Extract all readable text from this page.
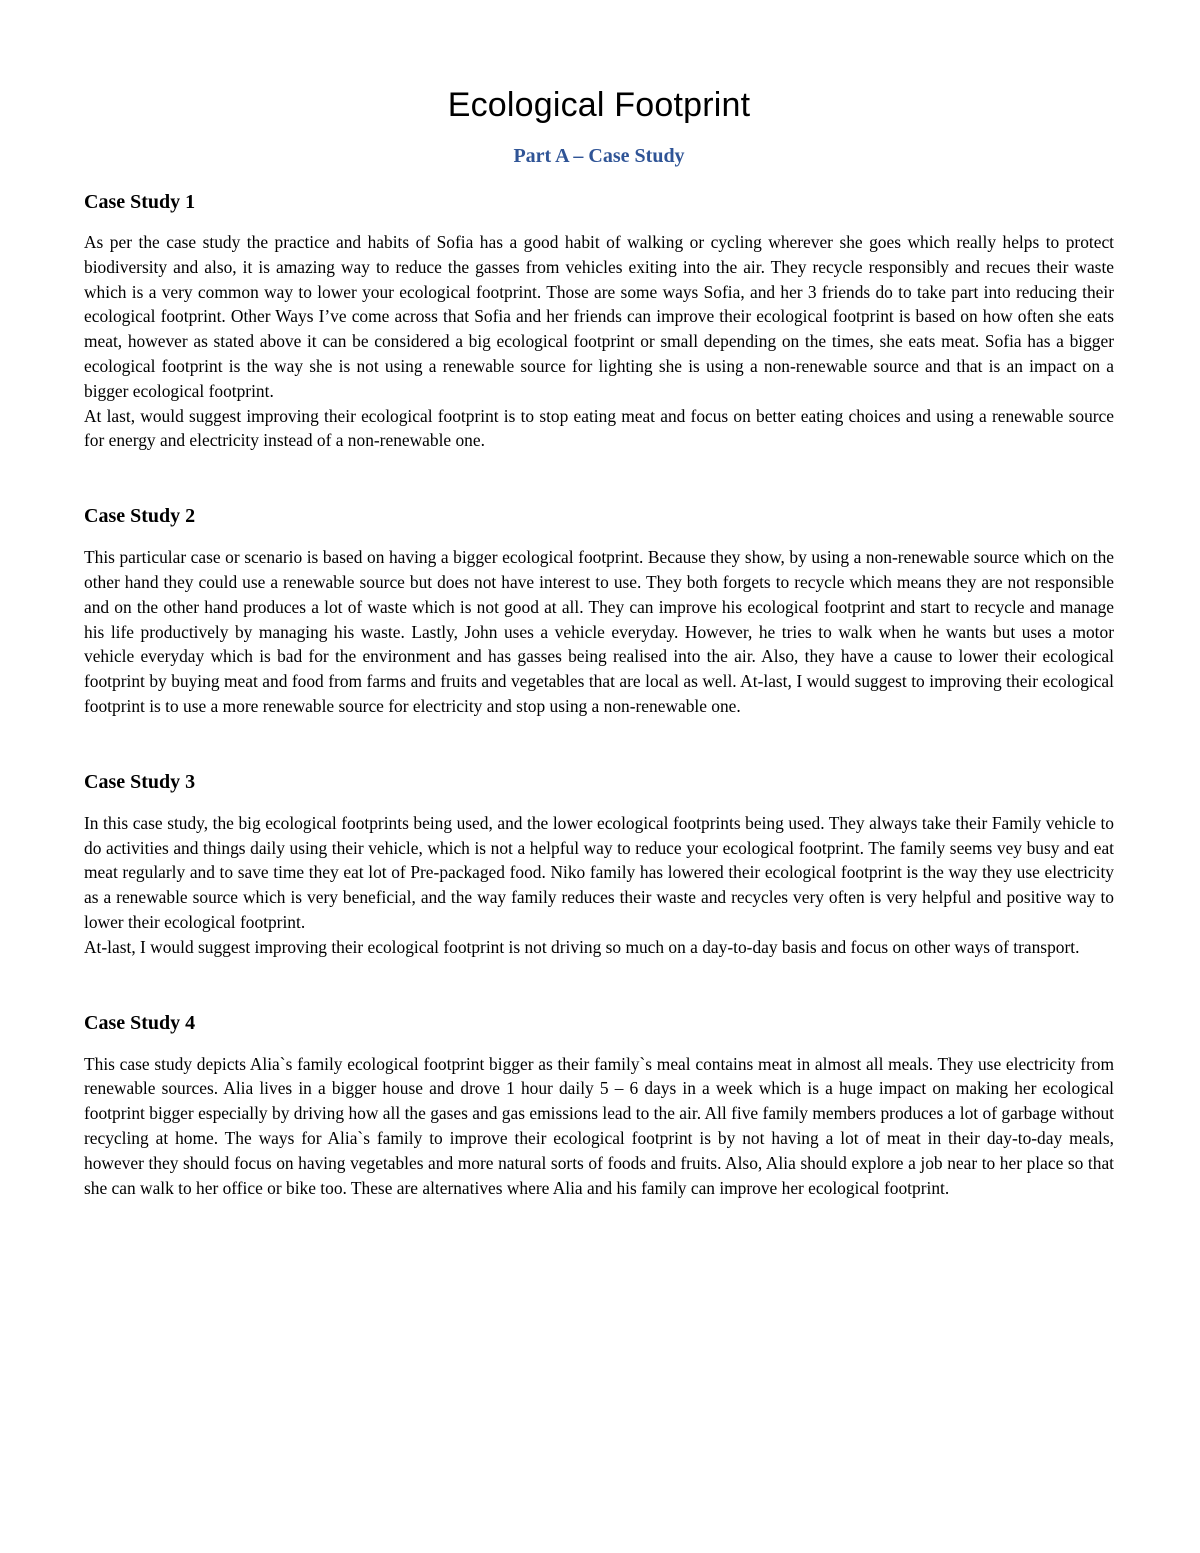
Ecological Footprint
Part A – Case Study
Case Study 1

As per the case study the practice and habits of Sofia has a good habit of walking or cycling wherever she goes which really helps to protect biodiversity and also, it is amazing way to reduce the gasses from vehicles exiting into the air. They recycle responsibly and recues their waste which is a very common way to lower your ecological footprint. Those are some ways Sofia, and her 3 friends do to take part into reducing their ecological footprint. Other Ways I’ve come across that Sofia and her friends can improve their ecological footprint is based on how often she eats meat, however as stated above it can be considered a big ecological footprint or small depending on the times, she eats meat. Sofia has a bigger ecological footprint is the way she is not using a renewable source for lighting she is using a non-renewable source and that is an impact on a bigger ecological footprint.

At last, would suggest improving their ecological footprint is to stop eating meat and focus on better eating choices and using a renewable source for energy and electricity instead of a non-renewable one.

Case Study 2

This particular case or scenario is based on having a bigger ecological footprint. Because they show, by using a non-renewable source which on the other hand they could use a renewable source but does not have interest to use. They both forgets to recycle which means they are not responsible and on the other hand produces a lot of waste which is not good at all. They can improve his ecological footprint and start to recycle and manage his life productively by managing his waste. Lastly, John uses a vehicle everyday. However, he tries to walk when he wants but uses a motor vehicle everyday which is bad for the environment and has gasses being realised into the air. Also, they have a cause to lower their ecological footprint by buying meat and food from farms and fruits and vegetables that are local as well. At-last, I would suggest to improving their ecological footprint is to use a more renewable source for electricity and stop using a non-renewable one.

Case Study 3

In this case study, the big ecological footprints being used, and the lower ecological footprints being used. They always take their Family vehicle to do activities and things daily using their vehicle, which is not a helpful way to reduce your ecological footprint. The family seems vey busy and eat meat regularly and to save time they eat lot of Pre-packaged food. Niko family has lowered their ecological footprint is the way they use electricity as a renewable source which is very beneficial, and the way family reduces their waste and recycles very often is very helpful and positive way to lower their ecological footprint.

At-last, I would suggest improving their ecological footprint is not driving so much on a day-to-day basis and focus on other ways of transport.

Case Study 4

This case study depicts Alia`s family ecological footprint bigger as their family`s meal contains meat in almost all meals. They use electricity from renewable sources. Alia lives in a bigger house and drove 1 hour daily 5 – 6 days in a week which is a huge impact on making her ecological footprint bigger especially by driving how all the gases and gas emissions lead to the air. All five family members produces a lot of garbage without recycling at home. The ways for Alia`s family to improve their ecological footprint is by not having a lot of meat in their day-to-day meals, however they should focus on having vegetables and more natural sorts of foods and fruits. Also, Alia should explore a job near to her place so that she can walk to her office or bike too. These are alternatives where Alia and his family can improve her ecological footprint.
